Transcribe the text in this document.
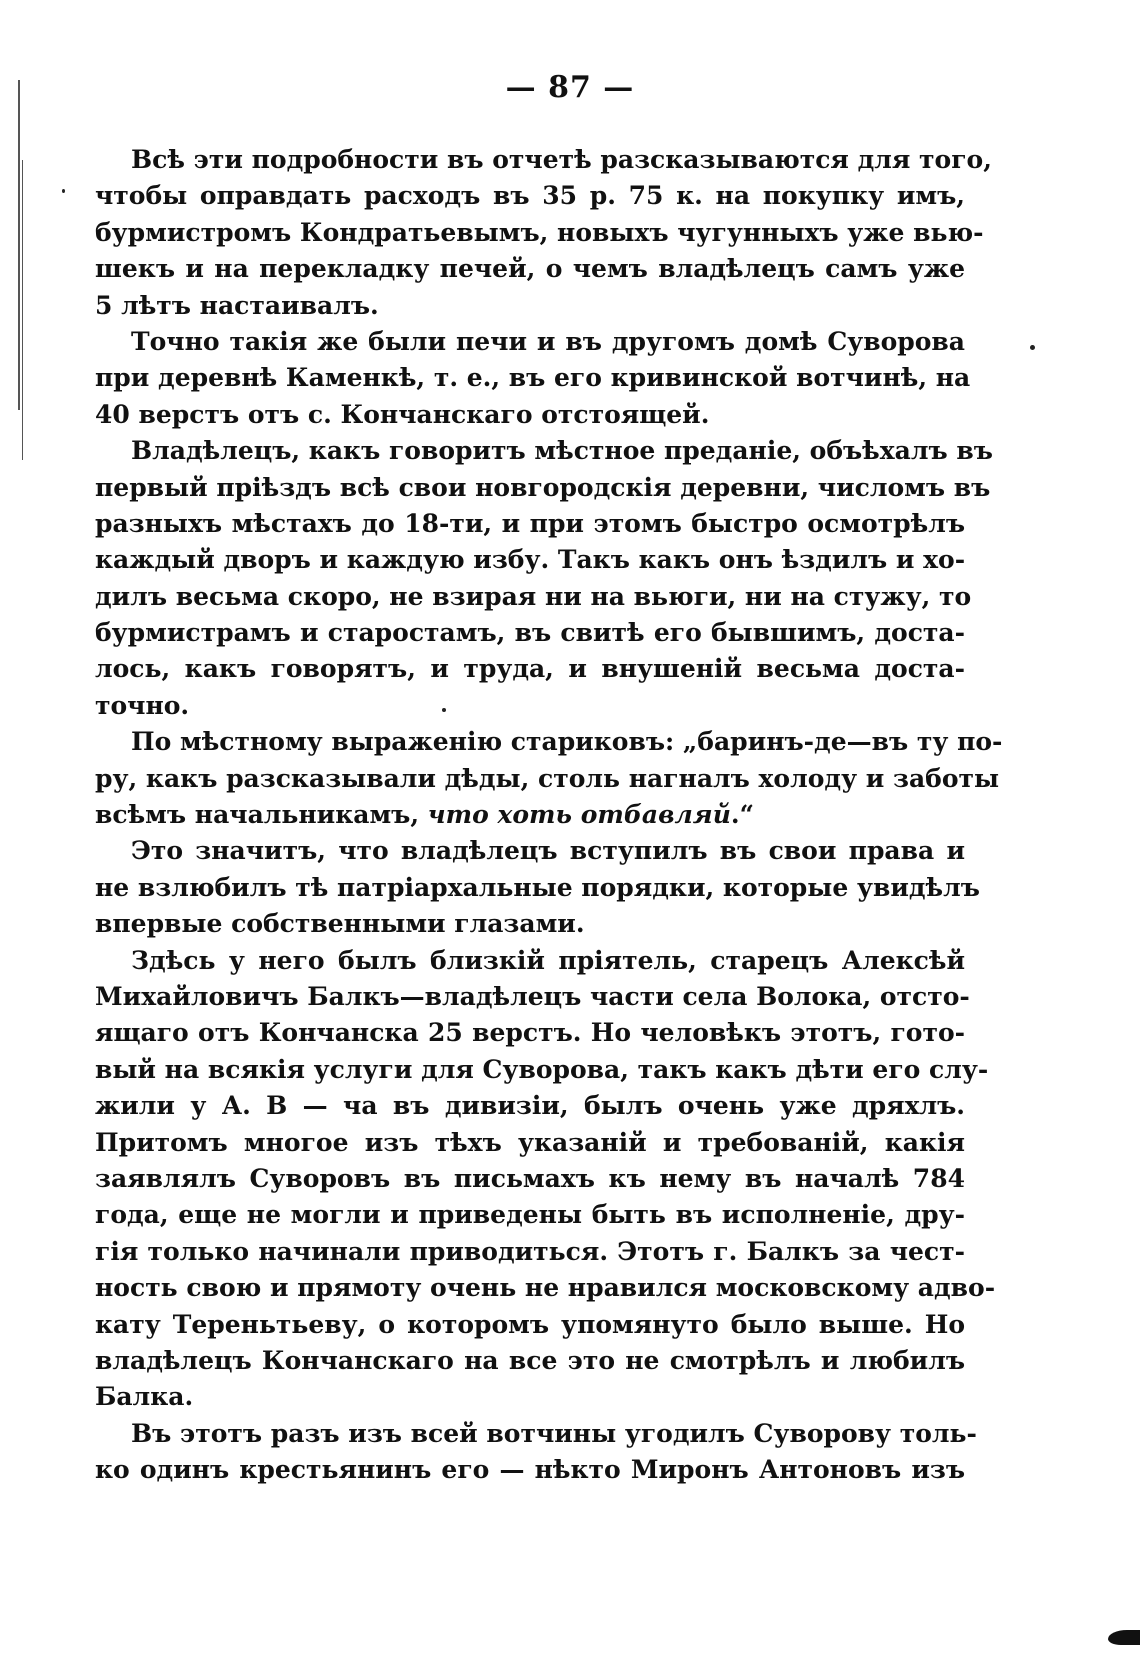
— 87 —
Всѣ эти подробности въ отчетѣ разсказываются для того,
чтобы оправдать расходъ въ 35 р. 75 к. на покупку имъ,
бурмистромъ Кондратьевымъ, новыхъ чугунныхъ уже вью-
шекъ и на перекладку печей, о чемъ владѣлецъ самъ уже
5 лѣтъ настаивалъ.
Точно такія же были печи и въ другомъ домѣ Суворова
при деревнѣ Каменкѣ, т. е., въ его кривинской вотчинѣ, на
40 верстъ отъ с. Кончанскаго отстоящей.
Владѣлецъ, какъ говоритъ мѣстное преданіе, объѣхалъ въ
первый пріѣздъ всѣ свои новгородскія деревни, числомъ въ
разныхъ мѣстахъ до 18-ти, и при этомъ быстро осмотрѣлъ
каждый дворъ и каждую избу. Такъ какъ онъ ѣздилъ и хо-
дилъ весьма скоро, не взирая ни на вьюги, ни на стужу, то
бурмистрамъ и старостамъ, въ свитѣ его бывшимъ, доста-
лось, какъ говорятъ, и труда, и внушеній весьма доста-
точно.
По мѣстному выраженію стариковъ: „баринъ-де—въ ту по-
ру, какъ разсказывали дѣды, столь нагналъ холоду и заботы
всѣмъ начальникамъ, что хоть отбавляй.“
Это значитъ, что владѣлецъ вступилъ въ свои права и
не взлюбилъ тѣ патріархальные порядки, которые увидѣлъ
впервые собственными глазами.
Здѣсь у него былъ близкій пріятель, старецъ Алексѣй
Михайловичъ Балкъ—владѣлецъ части села Волока, отсто-
ящаго отъ Кончанска 25 верстъ. Но человѣкъ этотъ, гото-
вый на всякія услуги для Суворова, такъ какъ дѣти его слу-
жили у А. В — ча въ дивизіи, былъ очень уже дряхлъ.
Притомъ многое изъ тѣхъ указаній и требованій, какія
заявлялъ Суворовъ въ письмахъ къ нему въ началѣ 784
года, еще не могли и приведены быть въ исполненіе, дру-
гія только начинали приводиться. Этотъ г. Балкъ за чест-
ность свою и прямоту очень не нравился московскому адво-
кату Тереньтьеву, о которомъ упомянуто было выше. Но
владѣлецъ Кончанскаго на все это не смотрѣлъ и любилъ
Балка.
Въ этотъ разъ изъ всей вотчины угодилъ Суворову толь-
ко одинъ крестьянинъ его — нѣкто Миронъ Антоновъ изъ
